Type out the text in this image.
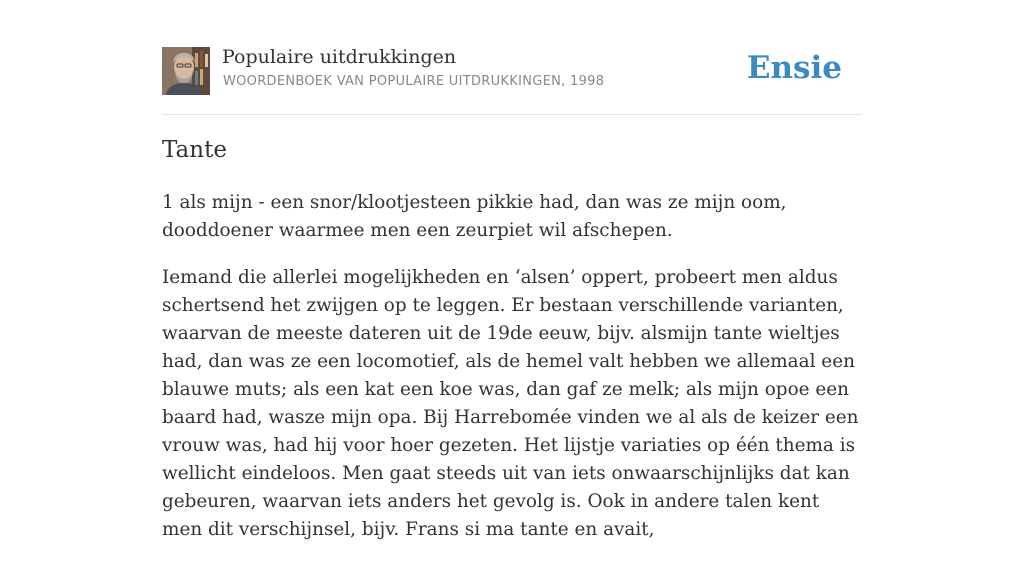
Populaire uitdrukkingen
WOORDENBOEK VAN POPULAIRE UITDRUKKINGEN, 1998	Ensie
Tante

1 als mijn - een snor/klootjesteen pikkie had, dan was ze mijn oom, dooddoener waarmee men een zeurpiet wil afschepen.

Iemand die allerlei mogelijkheden en ‘alsen’ oppert, probeert men aldus schertsend het zwijgen op te leggen. Er bestaan verschillende varianten, waarvan de meeste dateren uit de 19de eeuw, bijv. alsmijn tante wieltjes had, dan was ze een locomotief, als de hemel valt hebben we allemaal een blauwe muts; als een kat een koe was, dan gaf ze melk; als mijn opoe een baard had, wasze mijn opa. Bij Harrebomée vinden we al als de keizer een vrouw was, had hij voor hoer gezeten. Het lijstje variaties op één thema is wellicht eindeloos. Men gaat steeds uit van iets onwaarschijnlijks dat kan gebeuren, waarvan iets anders het gevolg is. Ook in andere talen kent men dit verschijnsel, bijv. Frans si ma tante en avait,
